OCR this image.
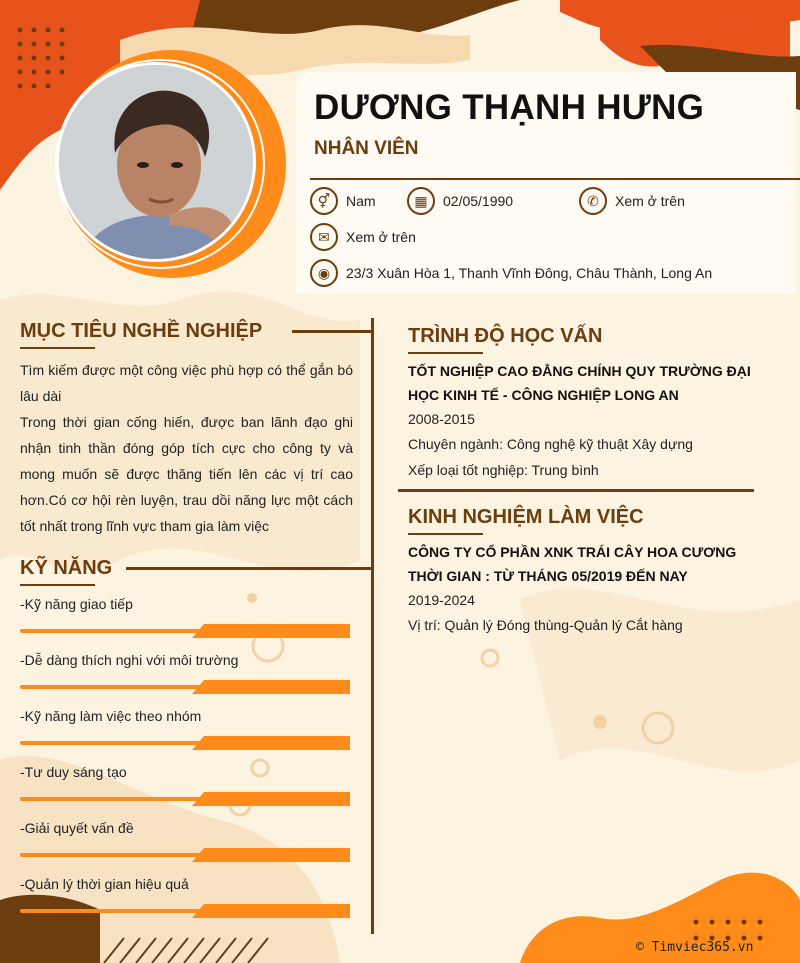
DƯƠNG THẠNH HƯNG
NHÂN VIÊN
⚥	Nam	▦	02/05/1990	✆	Xem ở trên
✉	Xem ở trên
◉	23/3 Xuân Hòa 1, Thanh Vĩnh Đông, Châu Thành, Long An
MỤC TIÊU NGHỀ NGHIỆP
Tìm kiếm được một công việc phù hợp có thể gắn bó lâu dài
Trong thời gian cống hiến, được ban lãnh đạo ghi nhận tinh thần đóng góp tích cực cho công ty và mong muốn sẽ được thăng tiến lên các vị trí cao hơn.Có cơ hội rèn luyện, trau dồi năng lực một cách tốt nhất trong lĩnh vực tham gia làm việc
KỸ NĂNG
-Kỹ năng giao tiếp
-Dễ dàng thích nghi với môi trường
-Kỹ năng làm việc theo nhóm
-Tư duy sáng tạo
-Giải quyết vấn đề
-Quản lý thời gian hiệu quả
TRÌNH ĐỘ HỌC VẤN
TỐT NGHIỆP CAO ĐẲNG CHÍNH QUY TRƯỜNG ĐẠI HỌC KINH TẾ - CÔNG NGHIỆP LONG AN
2008-2015
Chuyên ngành: Công nghệ kỹ thuật Xây dựng
Xếp loại tốt nghiệp: Trung bình
KINH NGHIỆM LÀM VIỆC
CÔNG TY CỔ PHẦN XNK TRÁI CÂY HOA CƯƠNG
THỜI GIAN : TỪ THÁNG 05/2019 ĐẾN NAY
2019-2024
Vị trí: Quản lý Đóng thùng-Quản lý Cắt hàng
© Timviec365.vn
